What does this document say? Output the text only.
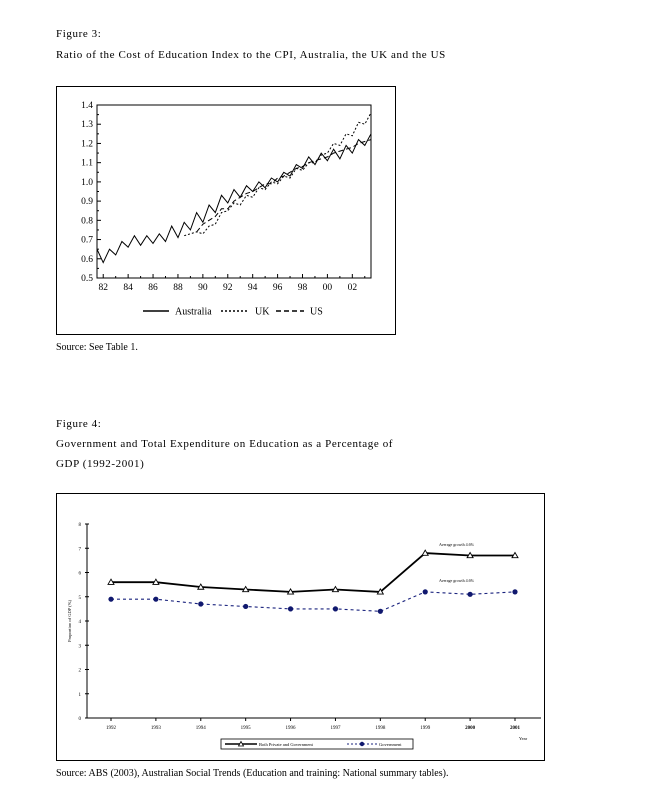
Figure 3:
Ratio of the Cost of Education Index to the CPI, Australia, the UK and the US
0.5
0.6
0.7
0.8
0.9
1.0
1.1
1.2
1.3
1.4
82 84 86 88 90 92 94 96 98 00 02
Australia	UK	US
Source: See Table 1.
Figure 4:
Government and Total Expenditure on Education as a Percentage of
GDP (1992-2001)
0
1
2
3
4
5
6
7
8
Proportion of GDP (%)
1992	1993	1994	1995	1996	1997	1998	1999	2000	2001
Year
Average growth 4.6%
Average growth 4.6%
Both Private and Government	Government
Source: ABS (2003), Australian Social Trends (Education and training: National summary tables).
